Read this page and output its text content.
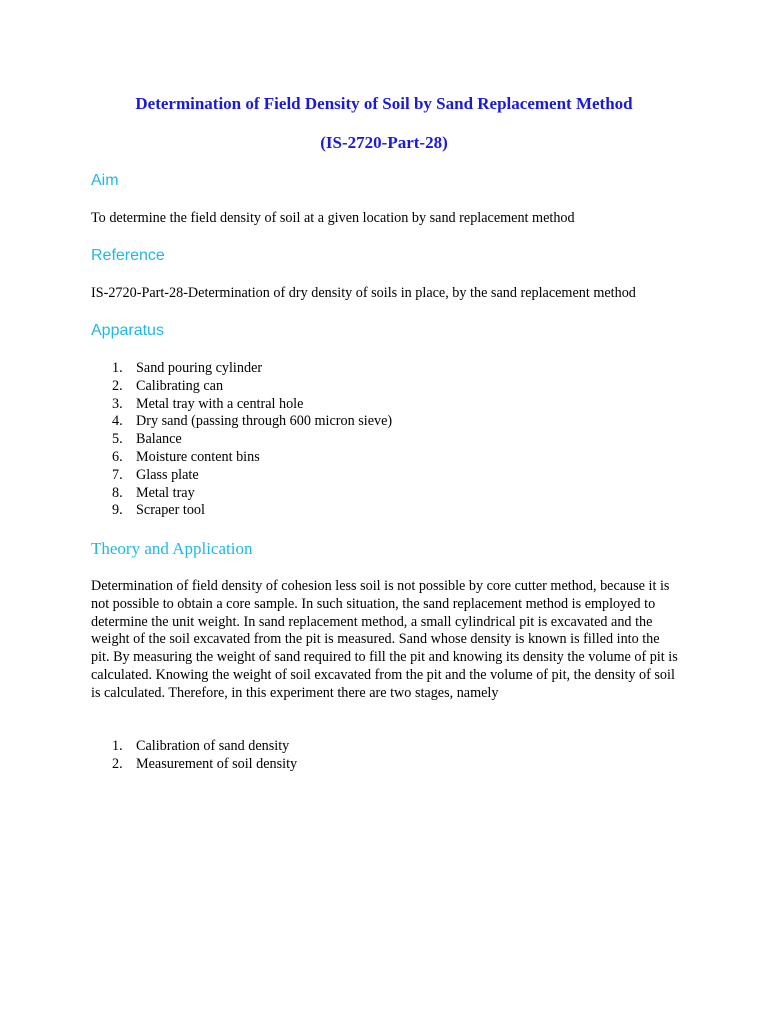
Determination of Field Density of Soil by Sand Replacement Method
(IS-2720-Part-28)
Aim

To determine the field density of soil at a given location by sand replacement method

Reference

IS-2720-Part-28-Determination of dry density of soils in place, by the sand replacement method

Apparatus
1. Sand pouring cylinder
2. Calibrating can
3. Metal tray with a central hole
4. Dry sand (passing through 600 micron sieve)
5. Balance
6. Moisture content bins
7. Glass plate
8. Metal tray
9. Scraper tool
Theory and Application

Determination of field density of cohesion less soil is not possible by core cutter method, because it is not possible to obtain a core sample. In such situation, the sand replacement method is employed to determine the unit weight. In sand replacement method, a small cylindrical pit is excavated and the weight of the soil excavated from the pit is measured. Sand whose density is known is filled into the pit. By measuring the weight of sand required to fill the pit and knowing its density the volume of pit is calculated. Knowing the weight of soil excavated from the pit and the volume of pit, the density of soil is calculated. Therefore, in this experiment there are two stages, namely

1. Calibration of sand density
2. Measurement of soil density
